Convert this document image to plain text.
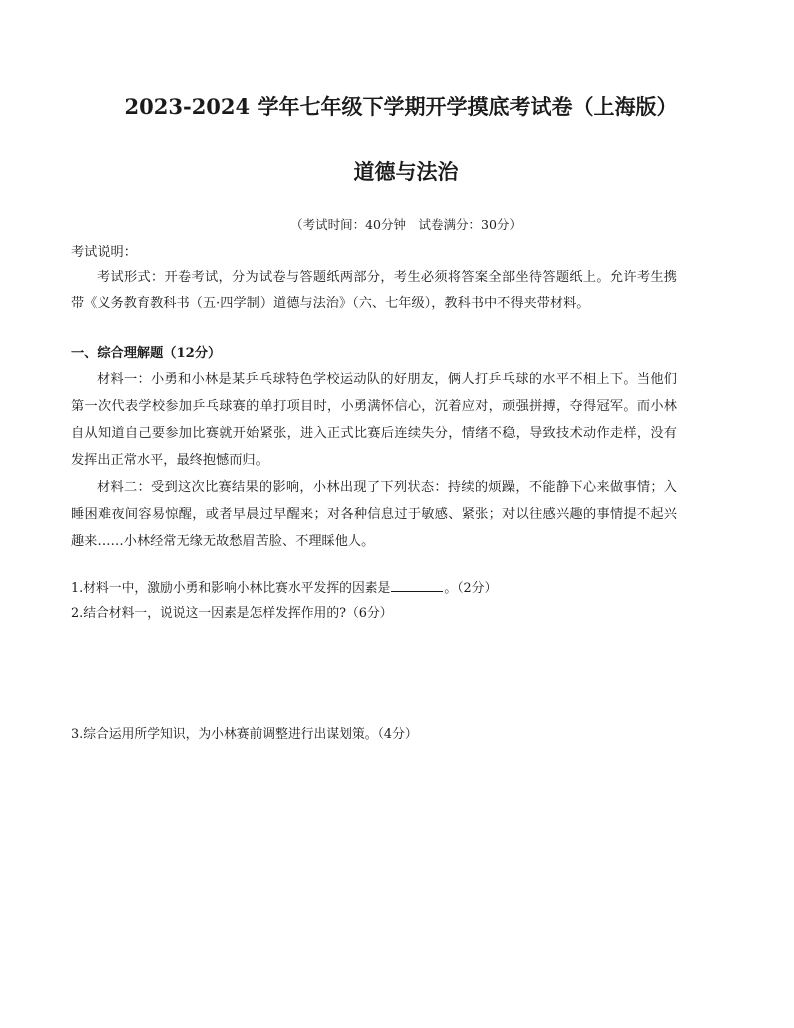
2023-2024 学年七年级下学期开学摸底考试卷（上海版）
道德与法治
（考试时间：40分钟　试卷满分：30分）
考试说明：
考试形式：开卷考试，分为试卷与答题纸两部分，考生必须将答案全部坐待答题纸上。允许考生携带《义务教育教科书（五·四学制）道德与法治》（六、七年级），教科书中不得夹带材料。
一、综合理解题（12分）
材料一：小勇和小林是某乒乓球特色学校运动队的好朋友，俩人打乒乓球的水平不相上下。当他们第一次代表学校参加乒乓球赛的单打项目时，小勇满怀信心，沉着应对，顽强拼搏，夺得冠军。而小林自从知道自己要参加比赛就开始紧张，进入正式比赛后连续失分，情绪不稳，导致技术动作走样，没有发挥出正常水平，最终抱憾而归。
材料二：受到这次比赛结果的影响，小林出现了下列状态：持续的烦躁，不能静下心来做事情；入睡困难夜间容易惊醒，或者早晨过早醒来；对各种信息过于敏感、紧张；对以往感兴趣的事情提不起兴趣来……小林经常无缘无故愁眉苦脸、不理睬他人。
1.材料一中，激励小勇和影响小林比赛水平发挥的因素是	。（2分）
2.结合材料一，说说这一因素是怎样发挥作用的?（6分）
3.综合运用所学知识，为小林赛前调整进行出谋划策。（4分）
